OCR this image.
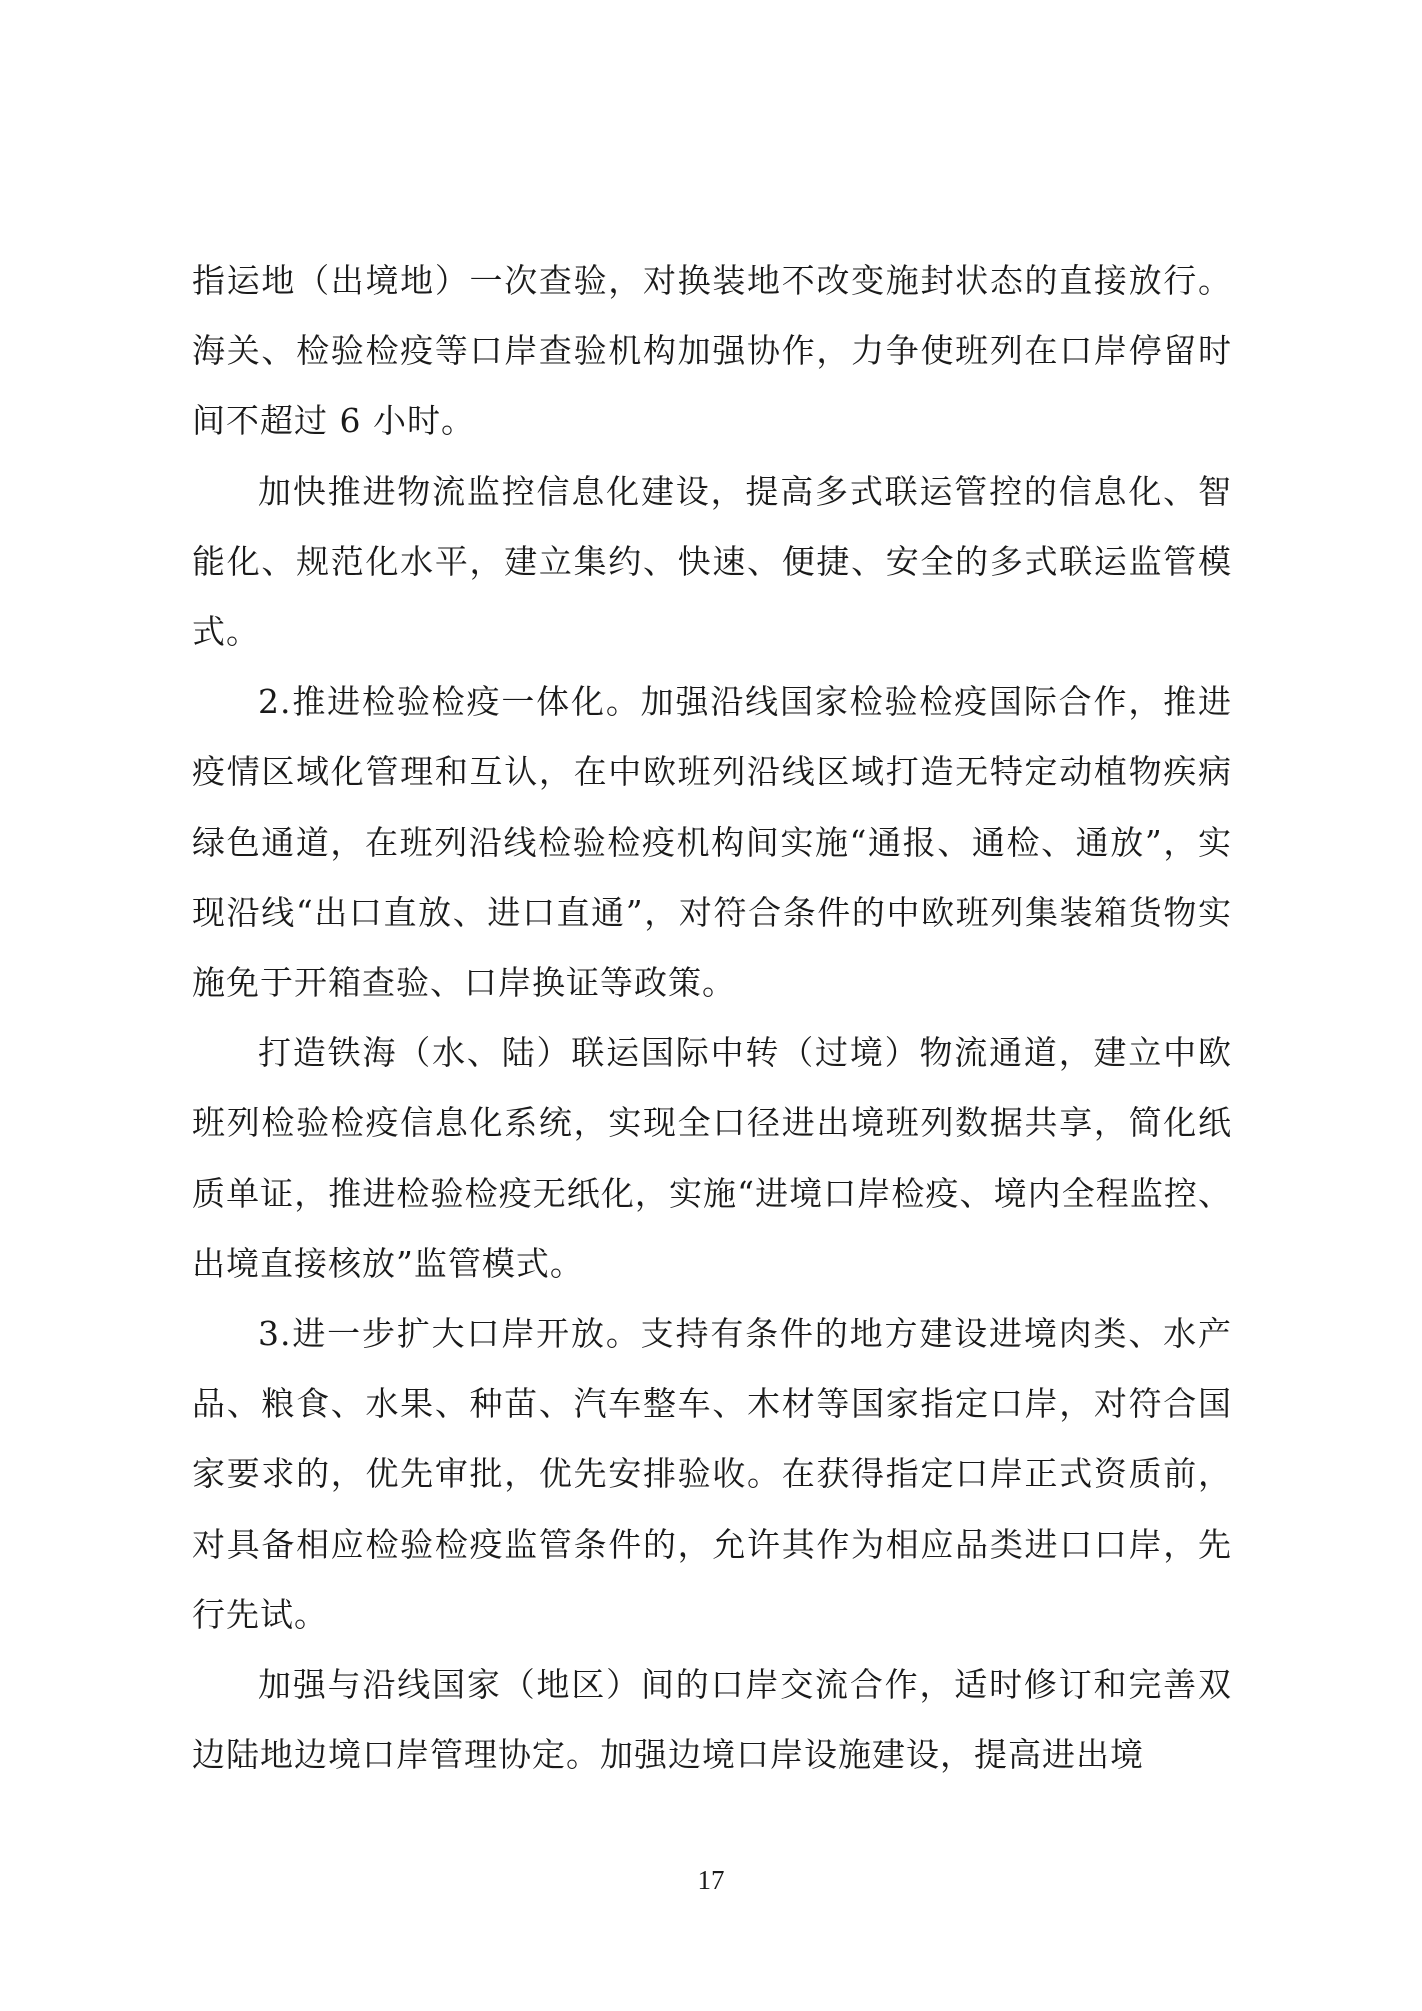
指运地（出境地）一次查验，对换装地不改变施封状态的直接放行。海关、检验检疫等口岸查验机构加强协作，力争使班列在口岸停留时间不超过 6 小时。

加快推进物流监控信息化建设，提高多式联运管控的信息化、智能化、规范化水平，建立集约、快速、便捷、安全的多式联运监管模式。

2.推进检验检疫一体化。加强沿线国家检验检疫国际合作，推进疫情区域化管理和互认，在中欧班列沿线区域打造无特定动植物疾病绿色通道，在班列沿线检验检疫机构间实施“通报、通检、通放”，实现沿线“出口直放、进口直通”，对符合条件的中欧班列集装箱货物实施免于开箱查验、口岸换证等政策。

打造铁海（水、陆）联运国际中转（过境）物流通道，建立中欧班列检验检疫信息化系统，实现全口径进出境班列数据共享，简化纸质单证，推进检验检疫无纸化，实施“进境口岸检疫、境内全程监控、出境直接核放”监管模式。

3.进一步扩大口岸开放。支持有条件的地方建设进境肉类、水产品、粮食、水果、种苗、汽车整车、木材等国家指定口岸，对符合国家要求的，优先审批，优先安排验收。在获得指定口岸正式资质前，对具备相应检验检疫监管条件的，允许其作为相应品类进口口岸，先行先试。

加强与沿线国家（地区）间的口岸交流合作，适时修订和完善双边陆地边境口岸管理协定。加强边境口岸设施建设，提高进出境

17
